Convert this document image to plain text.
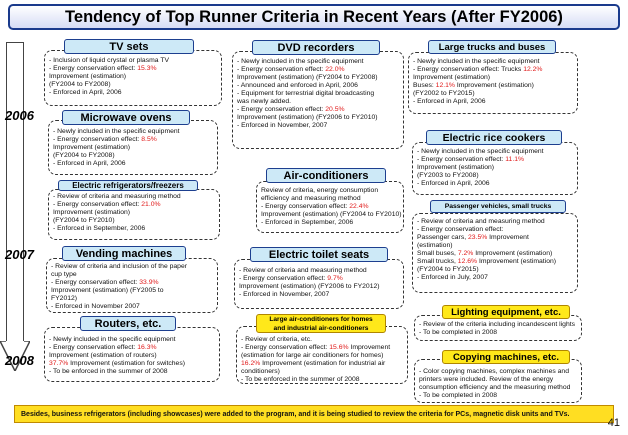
Tendency of Top Runner Criteria in Recent Years (After FY2006)
2006
2007
2008
- Inclusion of liquid crystal or plasma TV
- Energy conservation effect: 15.3%
Improvement (estimation)
(FY2004 to FY2008)
- Enforced in April, 2006
TV sets
- Newly included in the specific equipment
- Energy conservation effect: 8.5%
Improvement (estimation)
(FY2004 to FY2008)
- Enforced in April, 2006
Microwave ovens
- Review of criteria and measuring method
- Energy conservation effect: 21.0%
Improvement (estimation)
(FY2004 to FY2010)
- Enforced in September, 2006
Electric refrigerators/freezers
- Review of criteria and inclusion of the paper
cup type
- Energy conservation effect: 33.9%
Improvement (estimation) (FY2005 to
FY2012)
- Enforced in November 2007
Vending machines
- Newly included in the specific equipment
- Energy conservation effect: 16.3%
Improvement (estimation of routers)
37.7% Improvement (estimation for switches)
- To be enforced in the summer of 2008
Routers, etc.
- Newly included in the specific equipment
- Energy conservation effect: 22.0%
Improvement (estimation) (FY2004 to FY2008)
- Announced and enforced in April, 2006
- Equipment for terrestrial digital broadcasting
was newly added.
- Energy conservation effect: 20.5%
Improvement (estimation) (FY2006 to FY2010)
- Enforced in November, 2007
DVD recorders
Review of criteria, energy consumption
efficiency and measuring method
- Energy conservation effect: 22.4%
Improvement (estimation) (FY2004 to FY2010)
- Enforced in September, 2006
Air-conditioners
- Review of criteria and measuring method
- Energy conservation effect: 9.7%
Improvement (estimation) (FY2006 to FY2012)
- Enforced in November, 2007
Electric toilet seats
- Review of criteria, etc.
- Energy conservation effect: 15.6% Improvement
(estimation for large air conditioners for homes)
16.2% Improvement (estimation for industrial air
conditioners)
- To be enforced in the summer of 2008
Large air-conditioners for homes
and industrial air-conditioners
- Newly included in the specific equipment
- Energy conservation effect: Trucks 12.2%
Improvement (estimation)
Buses: 12.1% Improvement (estimation)
(FY2002 to FY2015)
- Enforced in April, 2006
Large trucks and buses
- Newly included in the specific equipment
- Energy conservation effect: 11.1%
Improvement (estimation)
(FY2003 to FY2008)
- Enforced in April, 2006
Electric rice cookers
- Review of criteria and measuring method
- Energy conservation effect:
Passenger cars, 23.5% Improvement
(estimation)
Small buses, 7.2% Improvement (estimation)
Small trucks, 12.6% Improvement (estimation)
(FY2004 to FY2015)
- Enforced in July, 2007
Passenger vehicles, small trucks
- Review of the criteria including incandescent lights
- To be completed in 2008
Lighting equipment, etc.
- Color copying machines, complex machines and
printers were included. Review of the energy
consumption efficiency and the measuring method
- To be completed in 2008
Copying machines, etc.
Besides, business refrigerators (including showcases) were added to the program, and it is being studied to review the criteria for PCs, magnetic disk units and TVs.
41
